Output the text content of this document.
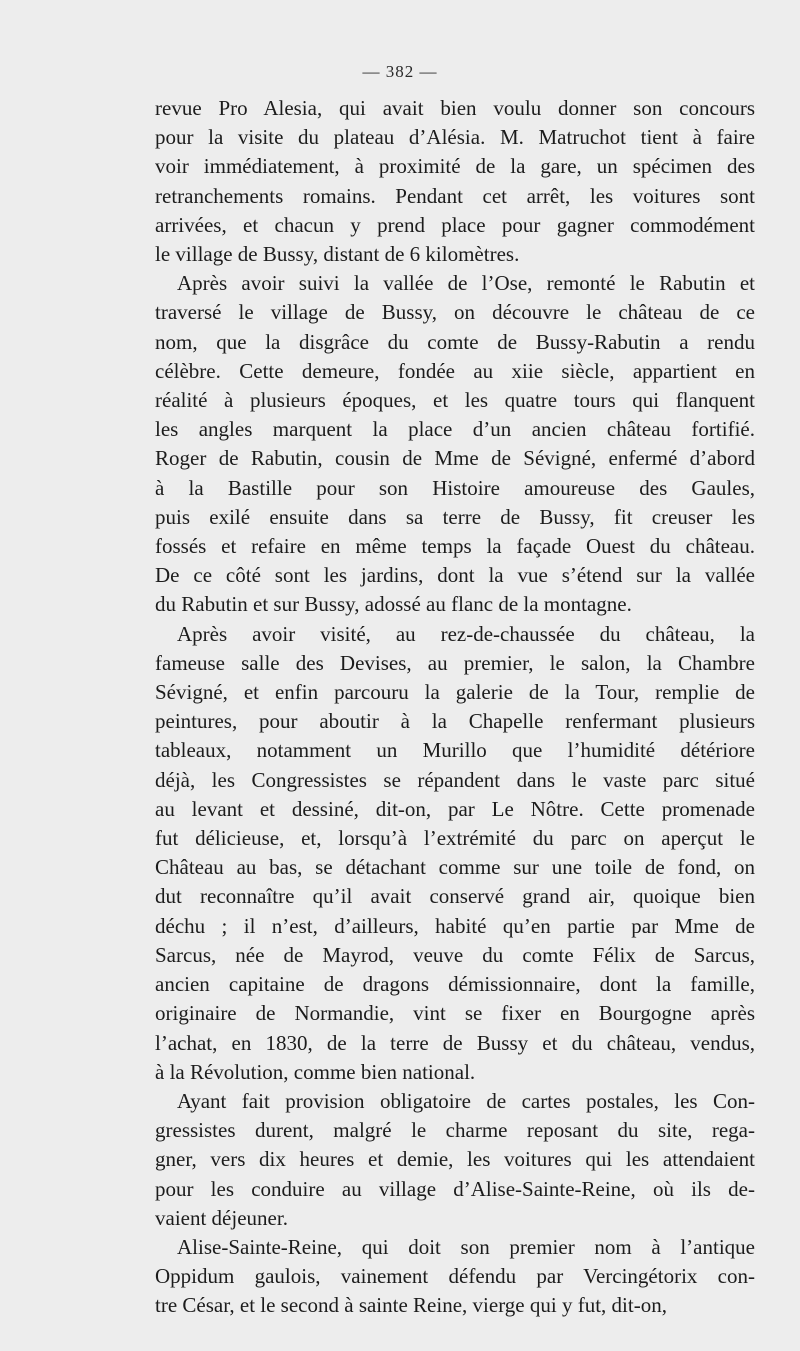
— 382 —
revue Pro Alesia, qui avait bien voulu donner son concours
pour la visite du plateau d’Alésia. M. Matruchot tient à faire
voir immédiatement, à proximité de la gare, un spécimen des
retranchements romains. Pendant cet arrêt, les voitures sont
arrivées, et chacun y prend place pour gagner commodément
le village de Bussy, distant de 6 kilomètres.
Après avoir suivi la vallée de l’Ose, remonté le Rabutin et
traversé le village de Bussy, on découvre le château de ce
nom, que la disgrâce du comte de Bussy-Rabutin a rendu
célèbre. Cette demeure, fondée au xiie siècle, appartient en
réalité à plusieurs époques, et les quatre tours qui flanquent
les angles marquent la place d’un ancien château fortifié.
Roger de Rabutin, cousin de Mme de Sévigné, enfermé d’abord
à la Bastille pour son Histoire amoureuse des Gaules,
puis exilé ensuite dans sa terre de Bussy, fit creuser les
fossés et refaire en même temps la façade Ouest du château.
De ce côté sont les jardins, dont la vue s’étend sur la vallée
du Rabutin et sur Bussy, adossé au flanc de la montagne.
Après avoir visité, au rez-de-chaussée du château, la
fameuse salle des Devises, au premier, le salon, la Chambre
Sévigné, et enfin parcouru la galerie de la Tour, remplie de
peintures, pour aboutir à la Chapelle renfermant plusieurs
tableaux, notamment un Murillo que l’humidité détériore
déjà, les Congressistes se répandent dans le vaste parc situé
au levant et dessiné, dit-on, par Le Nôtre. Cette promenade
fut délicieuse, et, lorsqu’à l’extrémité du parc on aperçut le
Château au bas, se détachant comme sur une toile de fond, on
dut reconnaître qu’il avait conservé grand air, quoique bien
déchu ; il n’est, d’ailleurs, habité qu’en partie par Mme de
Sarcus, née de Mayrod, veuve du comte Félix de Sarcus,
ancien capitaine de dragons démissionnaire, dont la famille,
originaire de Normandie, vint se fixer en Bourgogne après
l’achat, en 1830, de la terre de Bussy et du château, vendus,
à la Révolution, comme bien national.
Ayant fait provision obligatoire de cartes postales, les Con-
gressistes durent, malgré le charme reposant du site, rega-
gner, vers dix heures et demie, les voitures qui les attendaient
pour les conduire au village d’Alise-Sainte-Reine, où ils de-
vaient déjeuner.
Alise-Sainte-Reine, qui doit son premier nom à l’antique
Oppidum gaulois, vainement défendu par Vercingétorix con-
tre César, et le second à sainte Reine, vierge qui y fut, dit-on,
